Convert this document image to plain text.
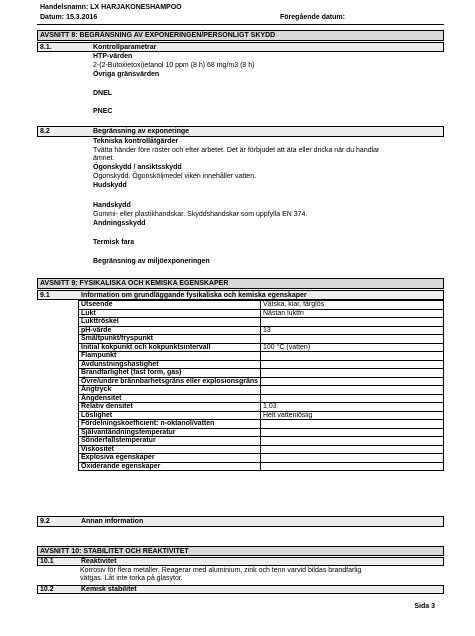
Handelsnamn: LX HARJAKONESHAMPOO
Datum: 15.3.2016	Föregående datum:
AVSNITT 8: BEGRÄNSNING AV EXPONERINGEN/PERSONLIGT SKYDD
8.1.	Kontrollparametrar
HTP-värden
2-(2-Butoxietoxi)etanol 10 ppm (8 h) 68 mg/m3 (8 h)
Övriga gränsvärden
DNEL
PNEC
8.2	Begränsning av exponeringe
Tekniska kontrollåtgärder
Tvätta händer före röster och efter arbetet. Det är förbjudet att äta eller dricka när du handlar
ämnet.
Ögonskydd / ansiktsskydd
Ögonskydd. Ögonsköljmedel viken innehåller vatten.
Hudskydd
Handskydd
Gummi- eller plastikhandskar. Skyddshandskar som uppfylla EN 374.
Andningsskydd
Termisk fara
Begränsning av miljöexponeringen
AVSNITT 9: FYSIKALISKA OCH KEMISKA EGENSKAPER
9.1	Information om grundläggande fysikaliska och kemiska egenskaper
Utseende	Vätska, klar, färglös
Lukt	Nästan luktfri
Lukttröskel	
pH-värde	13
Smältpunkt/fryspunkt	
Initial kokpunkt och kokpunktsintervall	100 °C (vatten)
Flampunkt	
Avdunstningshastighet	
Brandfarlighet (fast form, gas)	
Övre/undre brännbarhetsgräns eller explosionsgräns	
Ångtryck	
Ångdensitet	
Relativ densitet	1,03
Löslighet	Helt vattenlöslig
Fördelningskoefficient: n-oktanol/vatten	
Självantändningstemperatur	
Sönderfallstemperatur	
Viskositet	
Explosiva egenskaper	
Oxiderande egenskaper	
9.2	Annan information
AVSNITT 10: STABILITET OCH REAKTIVITET
10.1	Reaktivitet
Korrosiv för flera metaller. Reagerar med aluminium, zink och tenn varvid bildas brandfarlig
vätgas. Låt inte torka på glasytor.
10.2	Kemisk stabilitet
Sida 3
